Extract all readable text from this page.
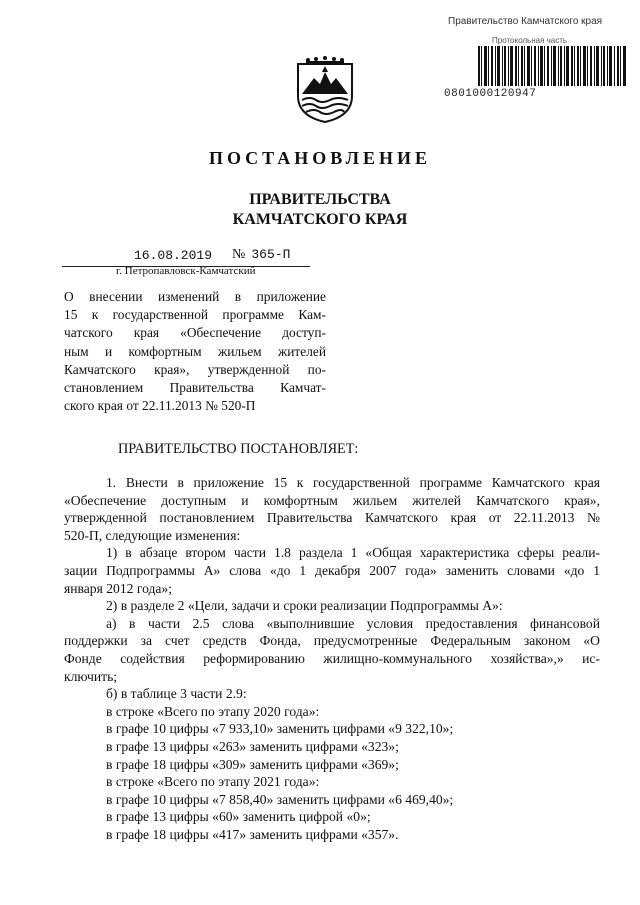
Правительство Камчатского края
Протокольная часть
0801000120947
ПОСТАНОВЛЕНИЕ
ПРАВИТЕЛЬСТВА
КАМЧАТСКОГО КРАЯ
16.08.2019 № 365-П
г. Петропавловск-Камчатский
О внесении изменений в приложение
15 к государственной программе Кам-
чатского края «Обеспечение доступ-
ным и комфортным жильем жителей
Камчатского края», утвержденной по-
становлением Правительства Камчат-
ского края от 22.11.2013 № 520-П
ПРАВИТЕЛЬСТВО ПОСТАНОВЛЯЕТ:
1. Внести в приложение 15 к государственной программе Камчатского края
«Обеспечение доступным и комфортным жильем жителей Камчатского края»,
утвержденной постановлением Правительства Камчатского края от 22.11.2013 №
520-П, следующие изменения:
1) в абзаце втором части 1.8 раздела 1 «Общая характеристика сферы реали-
зации Подпрограммы А» слова «до 1 декабря 2007 года» заменить словами «до 1
января 2012 года»;
2) в разделе 2 «Цели, задачи и сроки реализации Подпрограммы А»:
а) в части 2.5 слова «выполнившие условия предоставления финансовой
поддержки за счет средств Фонда, предусмотренные Федеральным законом «О
Фонде содействия реформированию жилищно-коммунального хозяйства»,» ис-
ключить;
б) в таблице 3 части 2.9:
в строке «Всего по этапу 2020 года»:
в графе 10 цифры «7 933,10» заменить цифрами «9 322,10»;
в графе 13 цифры «263» заменить цифрами «323»;
в графе 18 цифры «309» заменить цифрами «369»;
в строке «Всего по этапу 2021 года»:
в графе 10 цифры «7 858,40» заменить цифрами «6 469,40»;
в графе 13 цифры «60» заменить цифрой «0»;
в графе 18 цифры «417» заменить цифрами «357».
